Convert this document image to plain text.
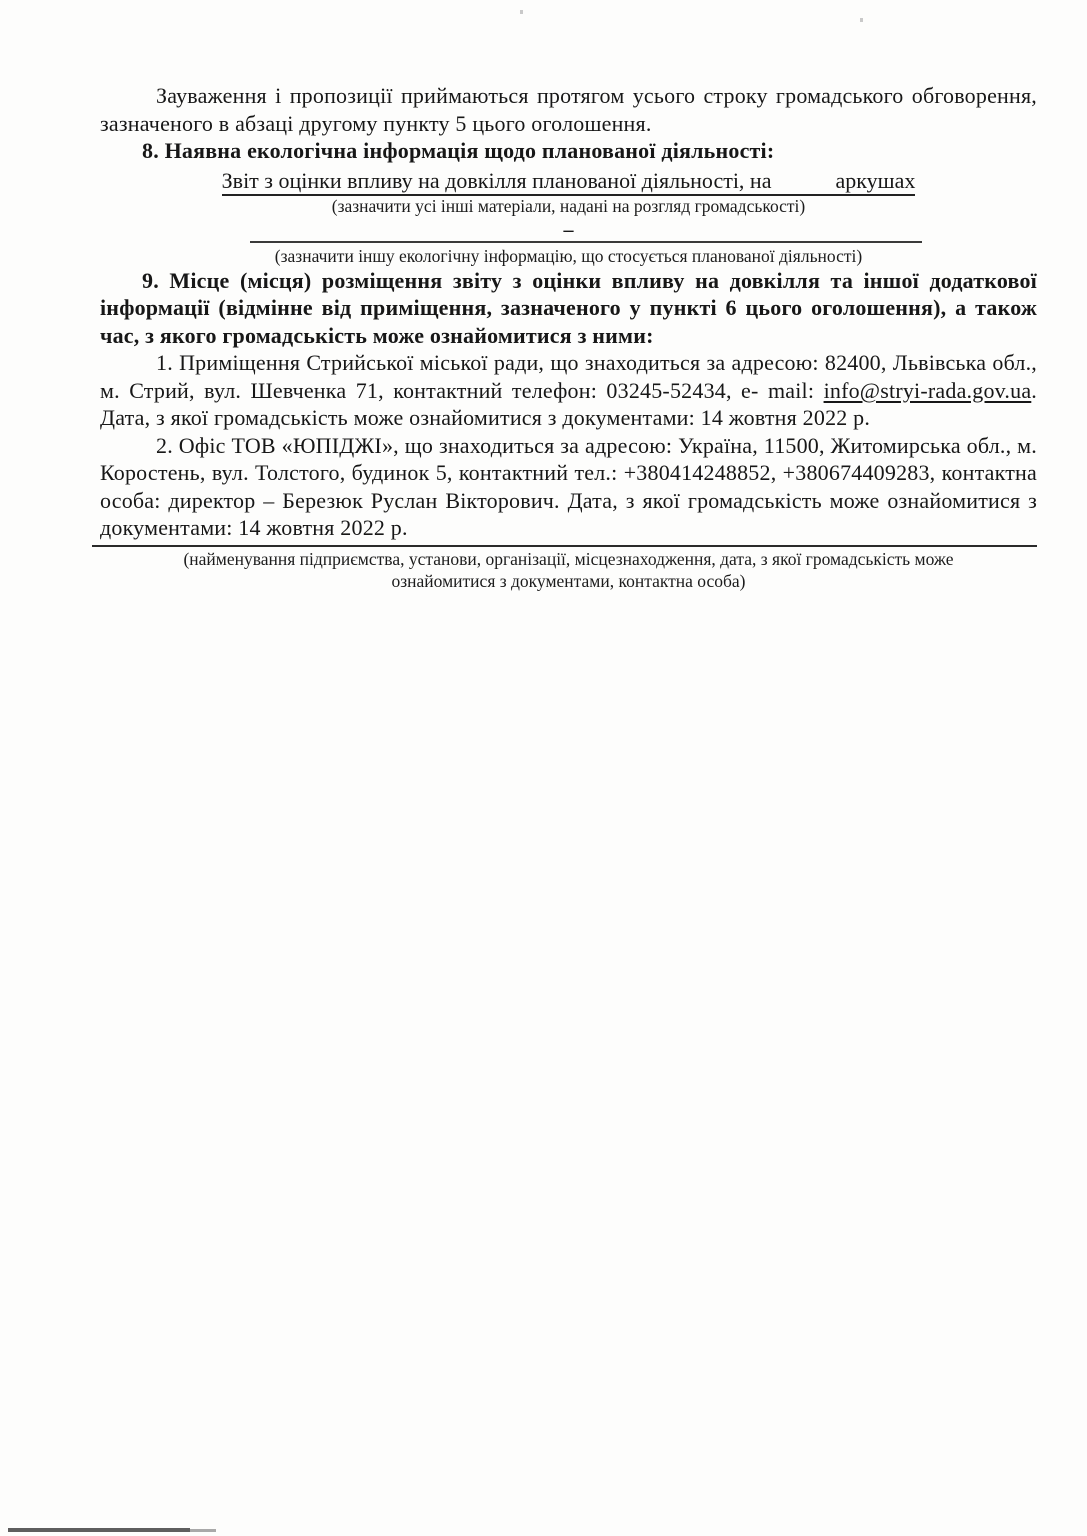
Зауваження і пропозиції приймаються протягом усього строку громадського обговорення, зазначеного в абзаці другому пункту 5 цього оголошення.

8. Наявна екологічна інформація щодо планованої діяльності:

Звіт з оцінки впливу на довкілля планованої діяльності, на	аркушах

(зазначити усі інші матеріали, надані на розгляд громадськості)

–

(зазначити іншу екологічну інформацію, що стосується планованої діяльності)

9. Місце (місця) розміщення звіту з оцінки впливу на довкілля та іншої додаткової інформації (відмінне від приміщення, зазначеного у пункті 6 цього оголошення), а також час, з якого громадськість може ознайомитися з ними:

1. Приміщення Стрийської міської ради, що знаходиться за адресою: 82400, Львівська обл., м. Стрий, вул. Шевченка 71, контактний телефон: 03245-52434, e- mail: info@stryi-rada.gov.ua. Дата, з якої громадськість може ознайомитися з документами: 14 жовтня 2022 р.

2. Офіс ТОВ «ЮПІДЖІ», що знаходиться за адресою: Україна, 11500, Житомирська обл., м. Коростень, вул. Толстого, будинок 5, контактний тел.: +380414248852, +380674409283, контактна особа: директор – Березюк Руслан Вікторович. Дата, з якої громадськість може ознайомитися з документами: 14 жовтня 2022 р.

(найменування підприємства, установи, організації, місцезнаходження, дата, з якої громадськість може ознайомитися з документами, контактна особа)
